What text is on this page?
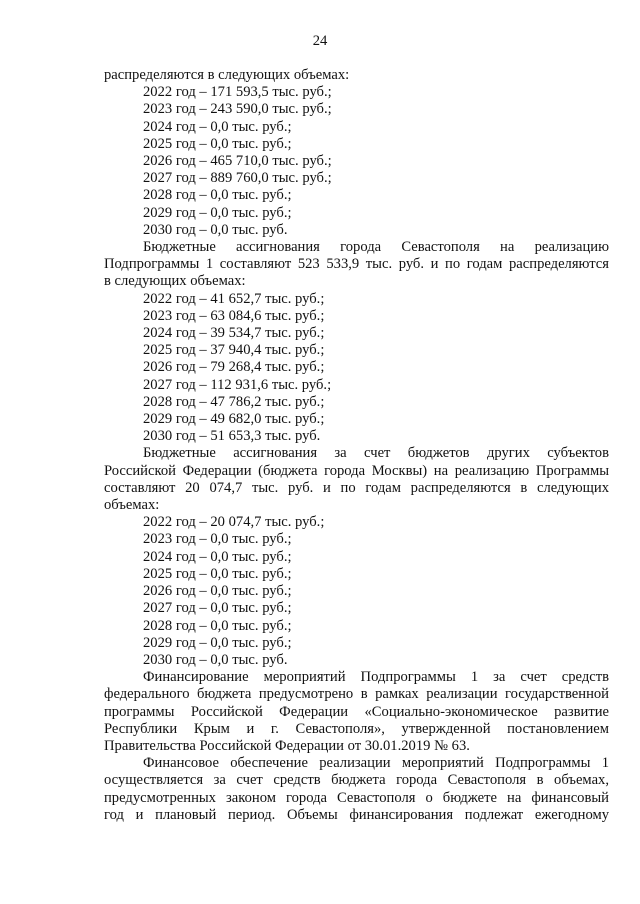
24
распределяются в следующих объемах:
2022 год – 171 593,5 тыс. руб.;
2023 год – 243 590,0 тыс. руб.;
2024 год – 0,0 тыс. руб.;
2025 год – 0,0 тыс. руб.;
2026 год – 465 710,0 тыс. руб.;
2027 год – 889 760,0 тыс. руб.;
2028 год – 0,0 тыс. руб.;
2029 год – 0,0 тыс. руб.;
2030 год – 0,0 тыс. руб.
Бюджетные ассигнования города Севастополя на реализацию
Подпрограммы 1 составляют 523 533,9 тыс. руб. и по годам распределяются
в следующих объемах:
2022 год – 41 652,7 тыс. руб.;
2023 год – 63 084,6 тыс. руб.;
2024 год – 39 534,7 тыс. руб.;
2025 год – 37 940,4 тыс. руб.;
2026 год – 79 268,4 тыс. руб.;
2027 год – 112 931,6 тыс. руб.;
2028 год – 47 786,2 тыс. руб.;
2029 год – 49 682,0 тыс. руб.;
2030 год – 51 653,3 тыс. руб.
Бюджетные ассигнования за счет бюджетов других субъектов
Российской Федерации (бюджета города Москвы) на реализацию Программы
составляют 20 074,7 тыс. руб. и по годам распределяются в следующих
объемах:
2022 год – 20 074,7 тыс. руб.;
2023 год – 0,0 тыс. руб.;
2024 год – 0,0 тыс. руб.;
2025 год – 0,0 тыс. руб.;
2026 год – 0,0 тыс. руб.;
2027 год – 0,0 тыс. руб.;
2028 год – 0,0 тыс. руб.;
2029 год – 0,0 тыс. руб.;
2030 год – 0,0 тыс. руб.
Финансирование мероприятий Подпрограммы 1 за счет средств
федерального бюджета предусмотрено в рамках реализации государственной
программы Российской Федерации «Социально-экономическое развитие
Республики Крым и г. Севастополя», утвержденной постановлением
Правительства Российской Федерации от 30.01.2019 № 63.
Финансовое обеспечение реализации мероприятий Подпрограммы 1
осуществляется за счет средств бюджета города Севастополя в объемах,
предусмотренных законом города Севастополя о бюджете на финансовый
год и плановый период. Объемы финансирования подлежат ежегодному
